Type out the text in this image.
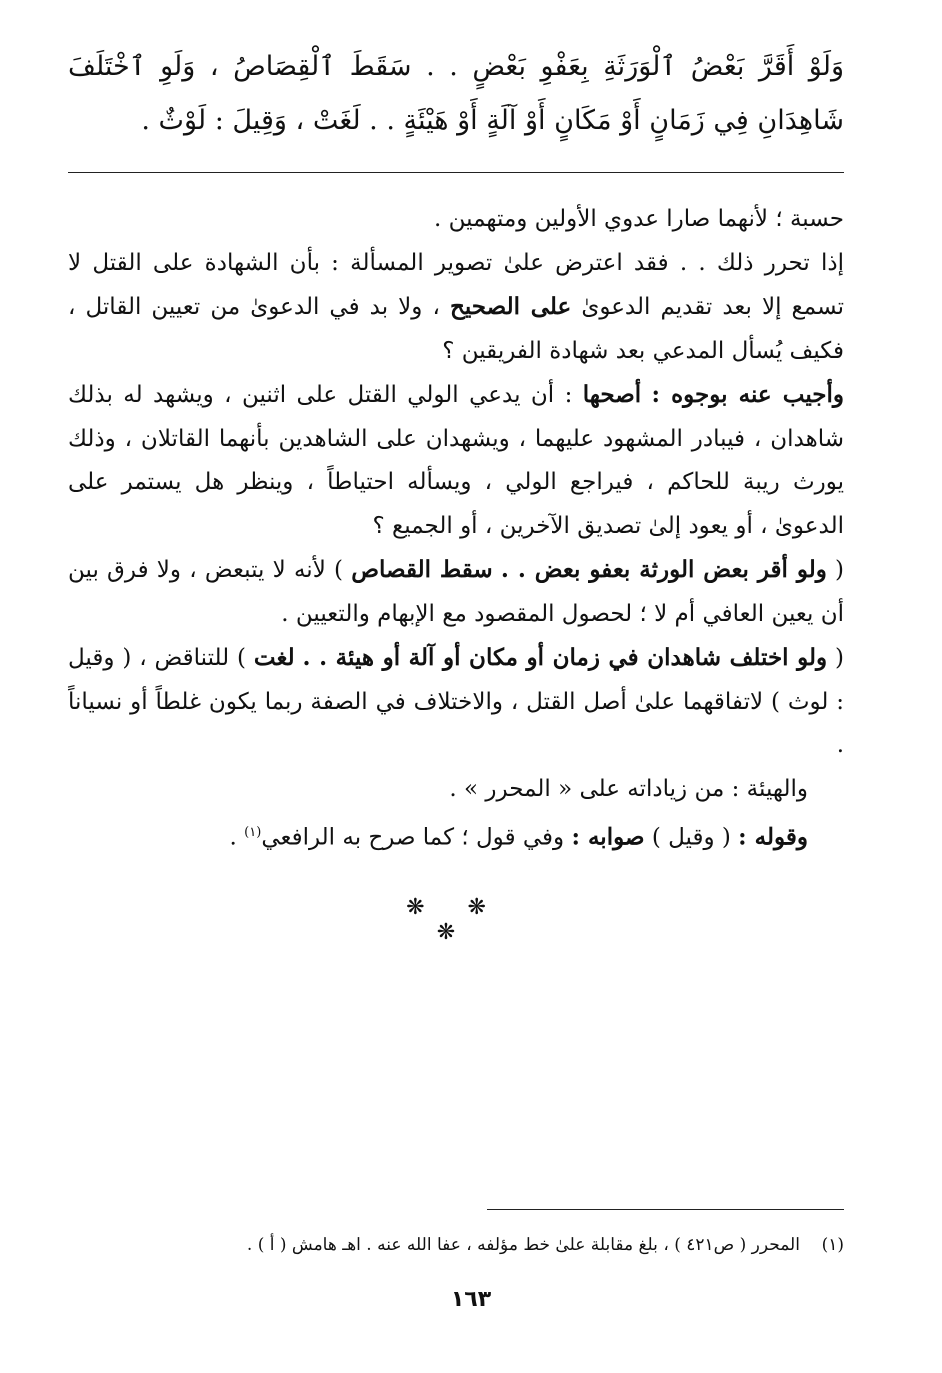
وَلَوْ أَقَرَّ بَعْضُ ٱلْوَرَثَةِ بِعَفْوِ بَعْضٍ . . سَقَطَ ٱلْقِصَاصُ ، وَلَوِ ٱخْتَلَفَ شَاهِدَانِ فِي زَمَانٍ أَوْ مَكَانٍ أَوْ آلَةٍ أَوْ هَيْئَةٍ . . لَغَتْ ، وَقِيلَ : لَوْثٌ .

حسبة ؛ لأنهما صارا عدوي الأولين ومتهمين .

إذا تحرر ذلك . . فقد اعترض علىٰ تصوير المسألة : بأن الشهادة على القتل لا تسمع إلا بعد تقديم الدعوىٰ على الصحيح ، ولا بد في الدعوىٰ من تعيين القاتل ، فكيف يُسأل المدعي بعد شهادة الفريقين ؟

وأجيب عنه بوجوه : أصحها : أن يدعي الولي القتل على اثنين ، ويشهد له بذلك شاهدان ، فيبادر المشهود عليهما ، ويشهدان على الشاهدين بأنهما القاتلان ، وذلك يورث ريبة للحاكم ، فيراجع الولي ، ويسأله احتياطاً ، وينظر هل يستمر على الدعوىٰ ، أو يعود إلىٰ تصديق الآخرين ، أو الجميع ؟

( ولو أقر بعض الورثة بعفو بعض . . سقط القصاص ) لأنه لا يتبعض ، ولا فرق بين أن يعين العافي أم لا ؛ لحصول المقصود مع الإبهام والتعيين .

( ولو اختلف شاهدان في زمان أو مكان أو آلة أو هيئة . . لغت ) للتناقض ، ( وقيل : لوث ) لاتفاقهما علىٰ أصل القتل ، والاختلاف في الصفة ربما يكون غلطاً أو نسياناً .

والهيئة : من زياداته على « المحرر » .

وقوله : ( وقيل ) صوابه : وفي قول ؛ كما صرح به الرافعي$^{(١)}$ .

❋ ❋ ❋
(١)    المحرر ( ص٤٢١ ) ، بلغ مقابلة علىٰ خط مؤلفه ، عفا الله عنه . اهـ هامش ( أ ) .
١٦٣
